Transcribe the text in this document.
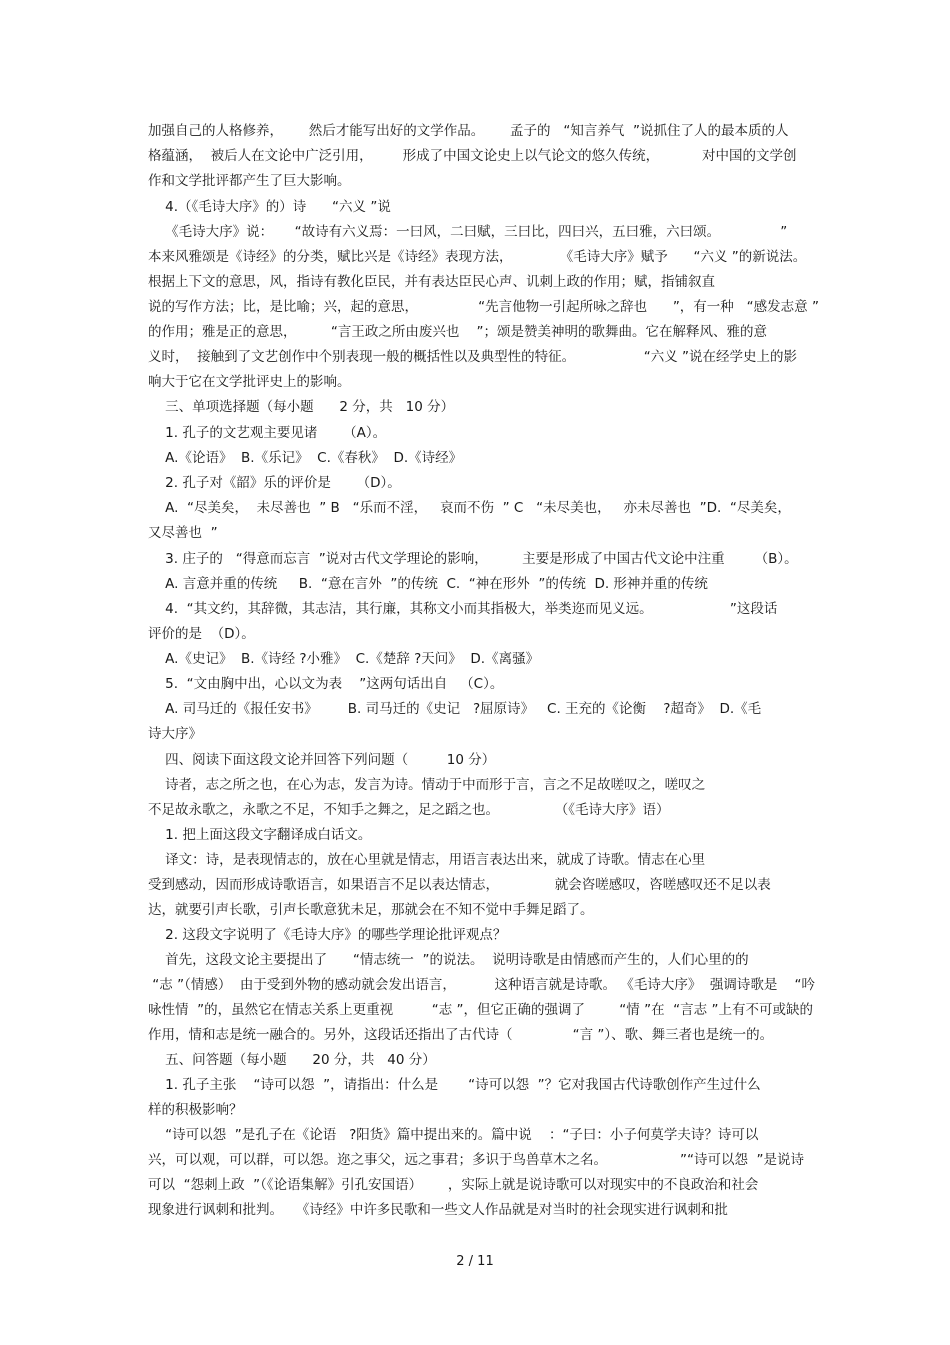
加强自己的人格修养，      然后才能写出好的文学作品。      孟子的   “知言养气  ”说抓住了人的最本质的人
格蕴涵，  被后人在文论中广泛引用，       形成了中国文论史上以气论文的悠久传统，          对中国的文学创
作和文学批评都产生了巨大影响。
4.（《毛诗大序》的）诗      “六义 ”说
《毛诗大序》说：     “故诗有六义焉：一曰风，二曰赋，三曰比，四曰兴，五曰雅，六曰颂。              ”
本来风雅颂是《诗经》的分类，赋比兴是《诗经》表现方法，           《毛诗大序》赋予      “六义 ”的新说法。
根据上下文的意思，风，指诗有教化臣民，并有表达臣民心声、讥刺上政的作用；赋，指铺叙直
说的写作方法；比，是比喻；兴，起的意思，              “先言他物一引起所咏之辞也      ”，有一种   “感发志意 ”
的作用；雅是正的意思，        “言王政之所由废兴也    ”；颂是赞美神明的歌舞曲。它在解释风、雅的意
义时，  接触到了文艺创作中个别表现一般的概括性以及典型性的特征。                “六义 ”说在经学史上的影
响大于它在文学批评史上的影响。
三、单项选择题（每小题      2 分，共   10 分）
1. 孔子的文艺观主要见诸      （A）。
A.《论语》  B.《乐记》  C.《春秋》  D.《诗经》
2. 孔子对《韶》乐的评价是      （D）。
A.  “尽美矣，  未尽善也  ” B   “乐而不淫，   哀而不伤  ” C   “未尽美也，   亦未尽善也  ”D.  “尽美矣，
又尽善也  ”
3. 庄子的   “得意而忘言  ”说对古代文学理论的影响，        主要是形成了中国古代文论中注重       （B）。
A. 言意并重的传统     B.  “意在言外  ”的传统  C.  “神在形外  ”的传统  D. 形神并重的传统
4.  “其文约，其辞微，其志洁，其行廉，其称文小而其指极大，举类迩而见义远。                  ”这段话
评价的是  （D）。
A.《史记》  B.《诗经 ?小雅》  C.《楚辞 ?天问》  D.《离骚》
5.  “文由胸中出，心以文为表    ”这两句话出自   （C）。
A. 司马迁的《报任安书》       B. 司马迁的《史记   ?屈原诗》   C. 王充的《论衡    ?超奇》  D.《毛
诗大序》
四、阅读下面这段文论并回答下列问题（         10 分）
诗者，志之所之也，在心为志，发言为诗。情动于中而形于言，言之不足故嗟叹之，嗟叹之
不足故永歌之，永歌之不足，不知手之舞之，足之蹈之也。             （《毛诗大序》语）
1. 把上面这段文字翻译成白话文。
译文：诗，是表现情志的，放在心里就是情志，用语言表达出来，就成了诗歌。情志在心里
受到感动，因而形成诗歌语言，如果语言不足以表达情志，             就会咨嗟感叹，咨嗟感叹还不足以表
达，就要引声长歌，引声长歌意犹未足，那就会在不知不觉中手舞足蹈了。
2. 这段文字说明了《毛诗大序》的哪些学理论批评观点？
首先，这段文论主要提出了      “情志统一  ”的说法。  说明诗歌是由情感而产生的，人们心里的的
“志 ”（情感）  由于受到外物的感动就会发出语言，         这种语言就是诗歌。 《毛诗大序》  强调诗歌是    “吟
咏性情  ”的，虽然它在情志关系上更重视         “志 ”，但它正确的强调了        “情 ”在  “言志 ”上有不可或缺的
作用，情和志是统一融合的。另外，这段话还指出了古代诗（              “言 ”）、歌、舞三者也是统一的。
五、问答题（每小题      20 分，共   40 分）
1. 孔子主张    “诗可以怨  ”，请指出：什么是       “诗可以怨  ”？它对我国古代诗歌创作产生过什么
样的积极影响？
“诗可以怨  ”是孔子在《论语   ?阳货》篇中提出来的。篇中说    ：“子曰：小子何莫学夫诗？诗可以
兴，可以观，可以群，可以怨。迩之事父，远之事君；多识于鸟兽草木之名。                 ”“诗可以怨  ”是说诗
可以  “怨刺上政  ”（《论语集解》引孔安国语）      ，实际上就是说诗歌可以对现实中的不良政治和社会
现象进行讽刺和批判。   《诗经》中许多民歌和一些文人作品就是对当时的社会现实进行讽刺和批
2 / 11
